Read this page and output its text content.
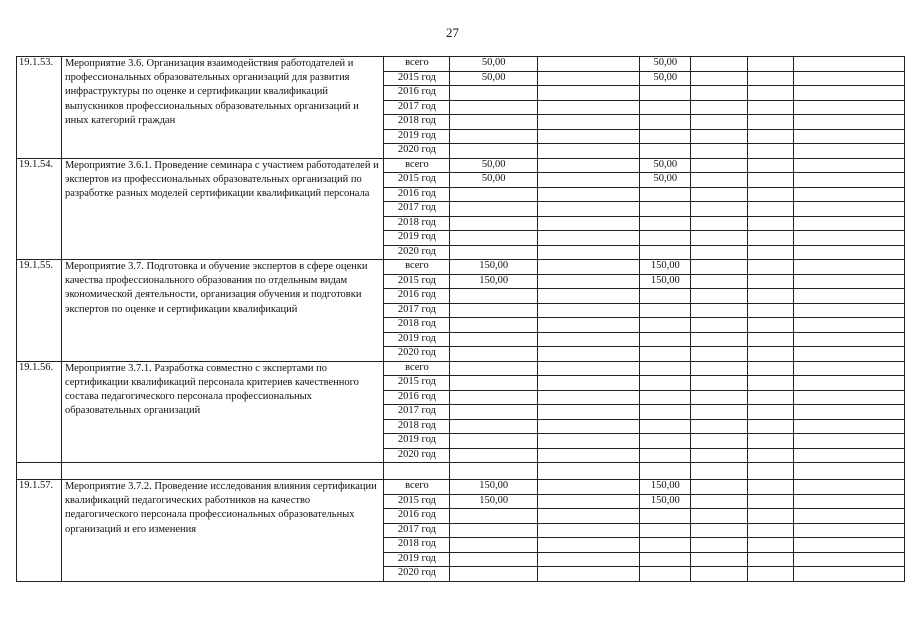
27
19.1.53.	Мероприятие 3.6. Организация взаимодействия работодателей и профессиональных образовательных организаций для развития инфраструктуры по оценке и сертификации квалификаций выпускников профессиональных образовательных организаций и иных категорий граждан	всего	50,00		50,00			
		2015 год	50,00		50,00			
		2016 год						
		2017 год						
		2018 год						
		2019 год						
		2020 год						
19.1.54.	Мероприятие 3.6.1. Проведение семинара с участием работодателей и экспертов из профессиональных образовательных организаций по разработке разных моделей сертификации квалификаций персонала	всего	50,00		50,00			
		2015 год	50,00		50,00			
		2016 год						
		2017 год						
		2018 год						
		2019 год						
		2020 год						
19.1.55.	Мероприятие 3.7. Подготовка и обучение экспертов в сфере оценки качества профессионального образования по отдельным видам экономической деятельности, организация обучения и подготовки экспертов по оценке и сертификации квалификаций	всего	150,00		150,00			
		2015 год	150,00		150,00			
		2016 год						
		2017 год						
		2018 год						
		2019 год						
		2020 год						
19.1.56.	Мероприятие 3.7.1. Разработка совместно с экспертами по сертификации квалификаций персонала критериев качественного состава педагогического персонала профессиональных образовательных организаций	всего						
		2015 год						
		2016 год						
		2017 год						
		2018 год						
		2019 год						
		2020 год						

19.1.57.	Мероприятие 3.7.2. Проведение исследования влияния сертификации квалификаций педагогических работников на качество педагогического персонала профессиональных образовательных организаций и его изменения	всего	150,00		150,00			
		2015 год	150,00		150,00			
		2016 год						
		2017 год						
		2018 год						
		2019 год						
		2020 год						
